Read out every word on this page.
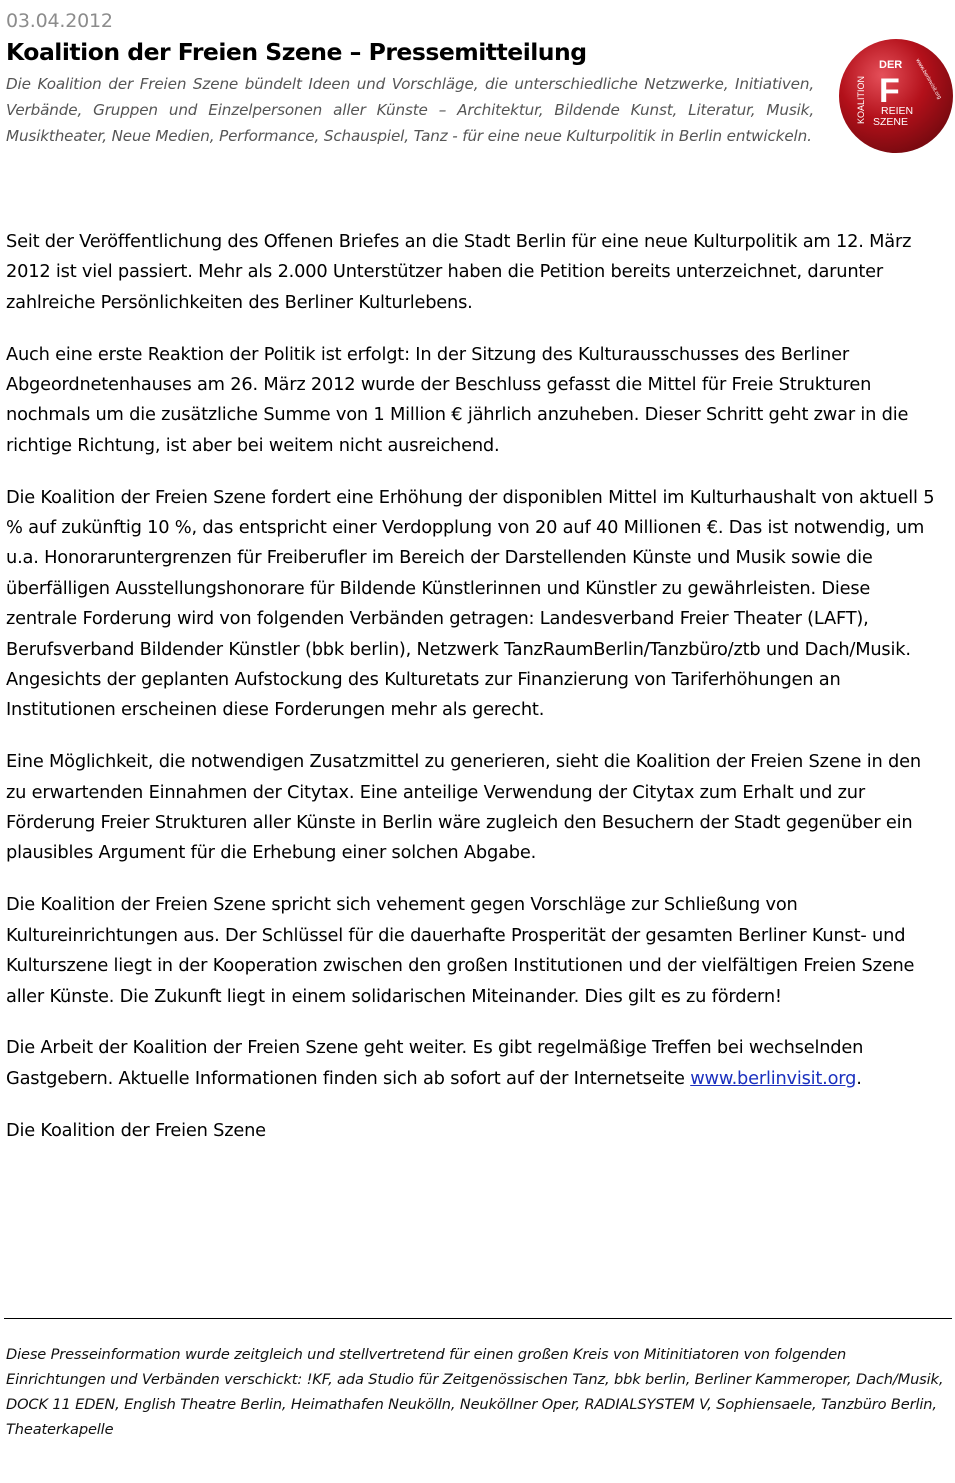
03.04.2012
Koalition der Freien Szene – Pressemitteilung

Die Koalition der Freien Szene bündelt Ideen und Vorschläge, die unterschiedliche Netzwerke, Initiativen, Verbände, Gruppen und Einzelpersonen aller Künste – Architektur, Bildende Kunst, Literatur, Musik, Musiktheater, Neue Medien, Performance, Schauspiel, Tanz - für eine neue Kulturpolitik in Berlin entwickeln.

DER
KOALITION F
REIEN
SZENE
www.berlinvisit.org

Seit der Veröffentlichung des Offenen Briefes an die Stadt Berlin für eine neue Kulturpolitik am 12. März 2012 ist viel passiert. Mehr als 2.000 Unterstützer haben die Petition bereits unterzeichnet, darunter zahlreiche Persönlichkeiten des Berliner Kulturlebens.

Auch eine erste Reaktion der Politik ist erfolgt: In der Sitzung des Kulturausschusses des Berliner Abgeordnetenhauses am 26. März 2012 wurde der Beschluss gefasst die Mittel für Freie Strukturen nochmals um die zusätzliche Summe von 1 Million € jährlich anzuheben. Dieser Schritt geht zwar in die richtige Richtung, ist aber bei weitem nicht ausreichend.

Die Koalition der Freien Szene fordert eine Erhöhung der disponiblen Mittel im Kulturhaushalt von aktuell 5 % auf zukünftig 10 %, das entspricht einer Verdopplung von 20 auf 40 Millionen €. Das ist notwendig, um u.a. Honoraruntergrenzen für Freiberufler im Bereich der Darstellenden Künste und Musik sowie die überfälligen Ausstellungshonorare für Bildende Künstlerinnen und Künstler zu gewährleisten. Diese zentrale Forderung wird von folgenden Verbänden getragen: Landesverband Freier Theater (LAFT), Berufsverband Bildender Künstler (bbk berlin), Netzwerk TanzRaumBerlin/Tanzbüro/ztb und Dach/Musik. Angesichts der geplanten Aufstockung des Kulturetats zur Finanzierung von Tariferhöhungen an Institutionen erscheinen diese Forderungen mehr als gerecht.

Eine Möglichkeit, die notwendigen Zusatzmittel zu generieren, sieht die Koalition der Freien Szene in den zu erwartenden Einnahmen der Citytax. Eine anteilige Verwendung der Citytax zum Erhalt und zur Förderung Freier Strukturen aller Künste in Berlin wäre zugleich den Besuchern der Stadt gegenüber ein plausibles Argument für die Erhebung einer solchen Abgabe.

Die Koalition der Freien Szene spricht sich vehement gegen Vorschläge zur Schließung von Kultureinrichtungen aus. Der Schlüssel für die dauerhafte Prosperität der gesamten Berliner Kunst- und Kulturszene liegt in der Kooperation zwischen den großen Institutionen und der vielfältigen Freien Szene aller Künste. Die Zukunft liegt in einem solidarischen Miteinander. Dies gilt es zu fördern!

Die Arbeit der Koalition der Freien Szene geht weiter. Es gibt regelmäßige Treffen bei wechselnden Gastgebern. Aktuelle Informationen finden sich ab sofort auf der Internetseite www.berlinvisit.org.

Die Koalition der Freien Szene

Diese Presseinformation wurde zeitgleich und stellvertretend für einen großen Kreis von Mitinitiatoren von folgenden Einrichtungen und Verbänden verschickt: !KF, ada Studio für Zeitgenössischen Tanz, bbk berlin, Berliner Kammeroper, Dach/Musik, DOCK 11 EDEN, English Theatre Berlin, Heimathafen Neukölln, Neuköllner Oper, RADIALSYSTEM V, Sophiensaele, Tanzbüro Berlin, Theaterkapelle
